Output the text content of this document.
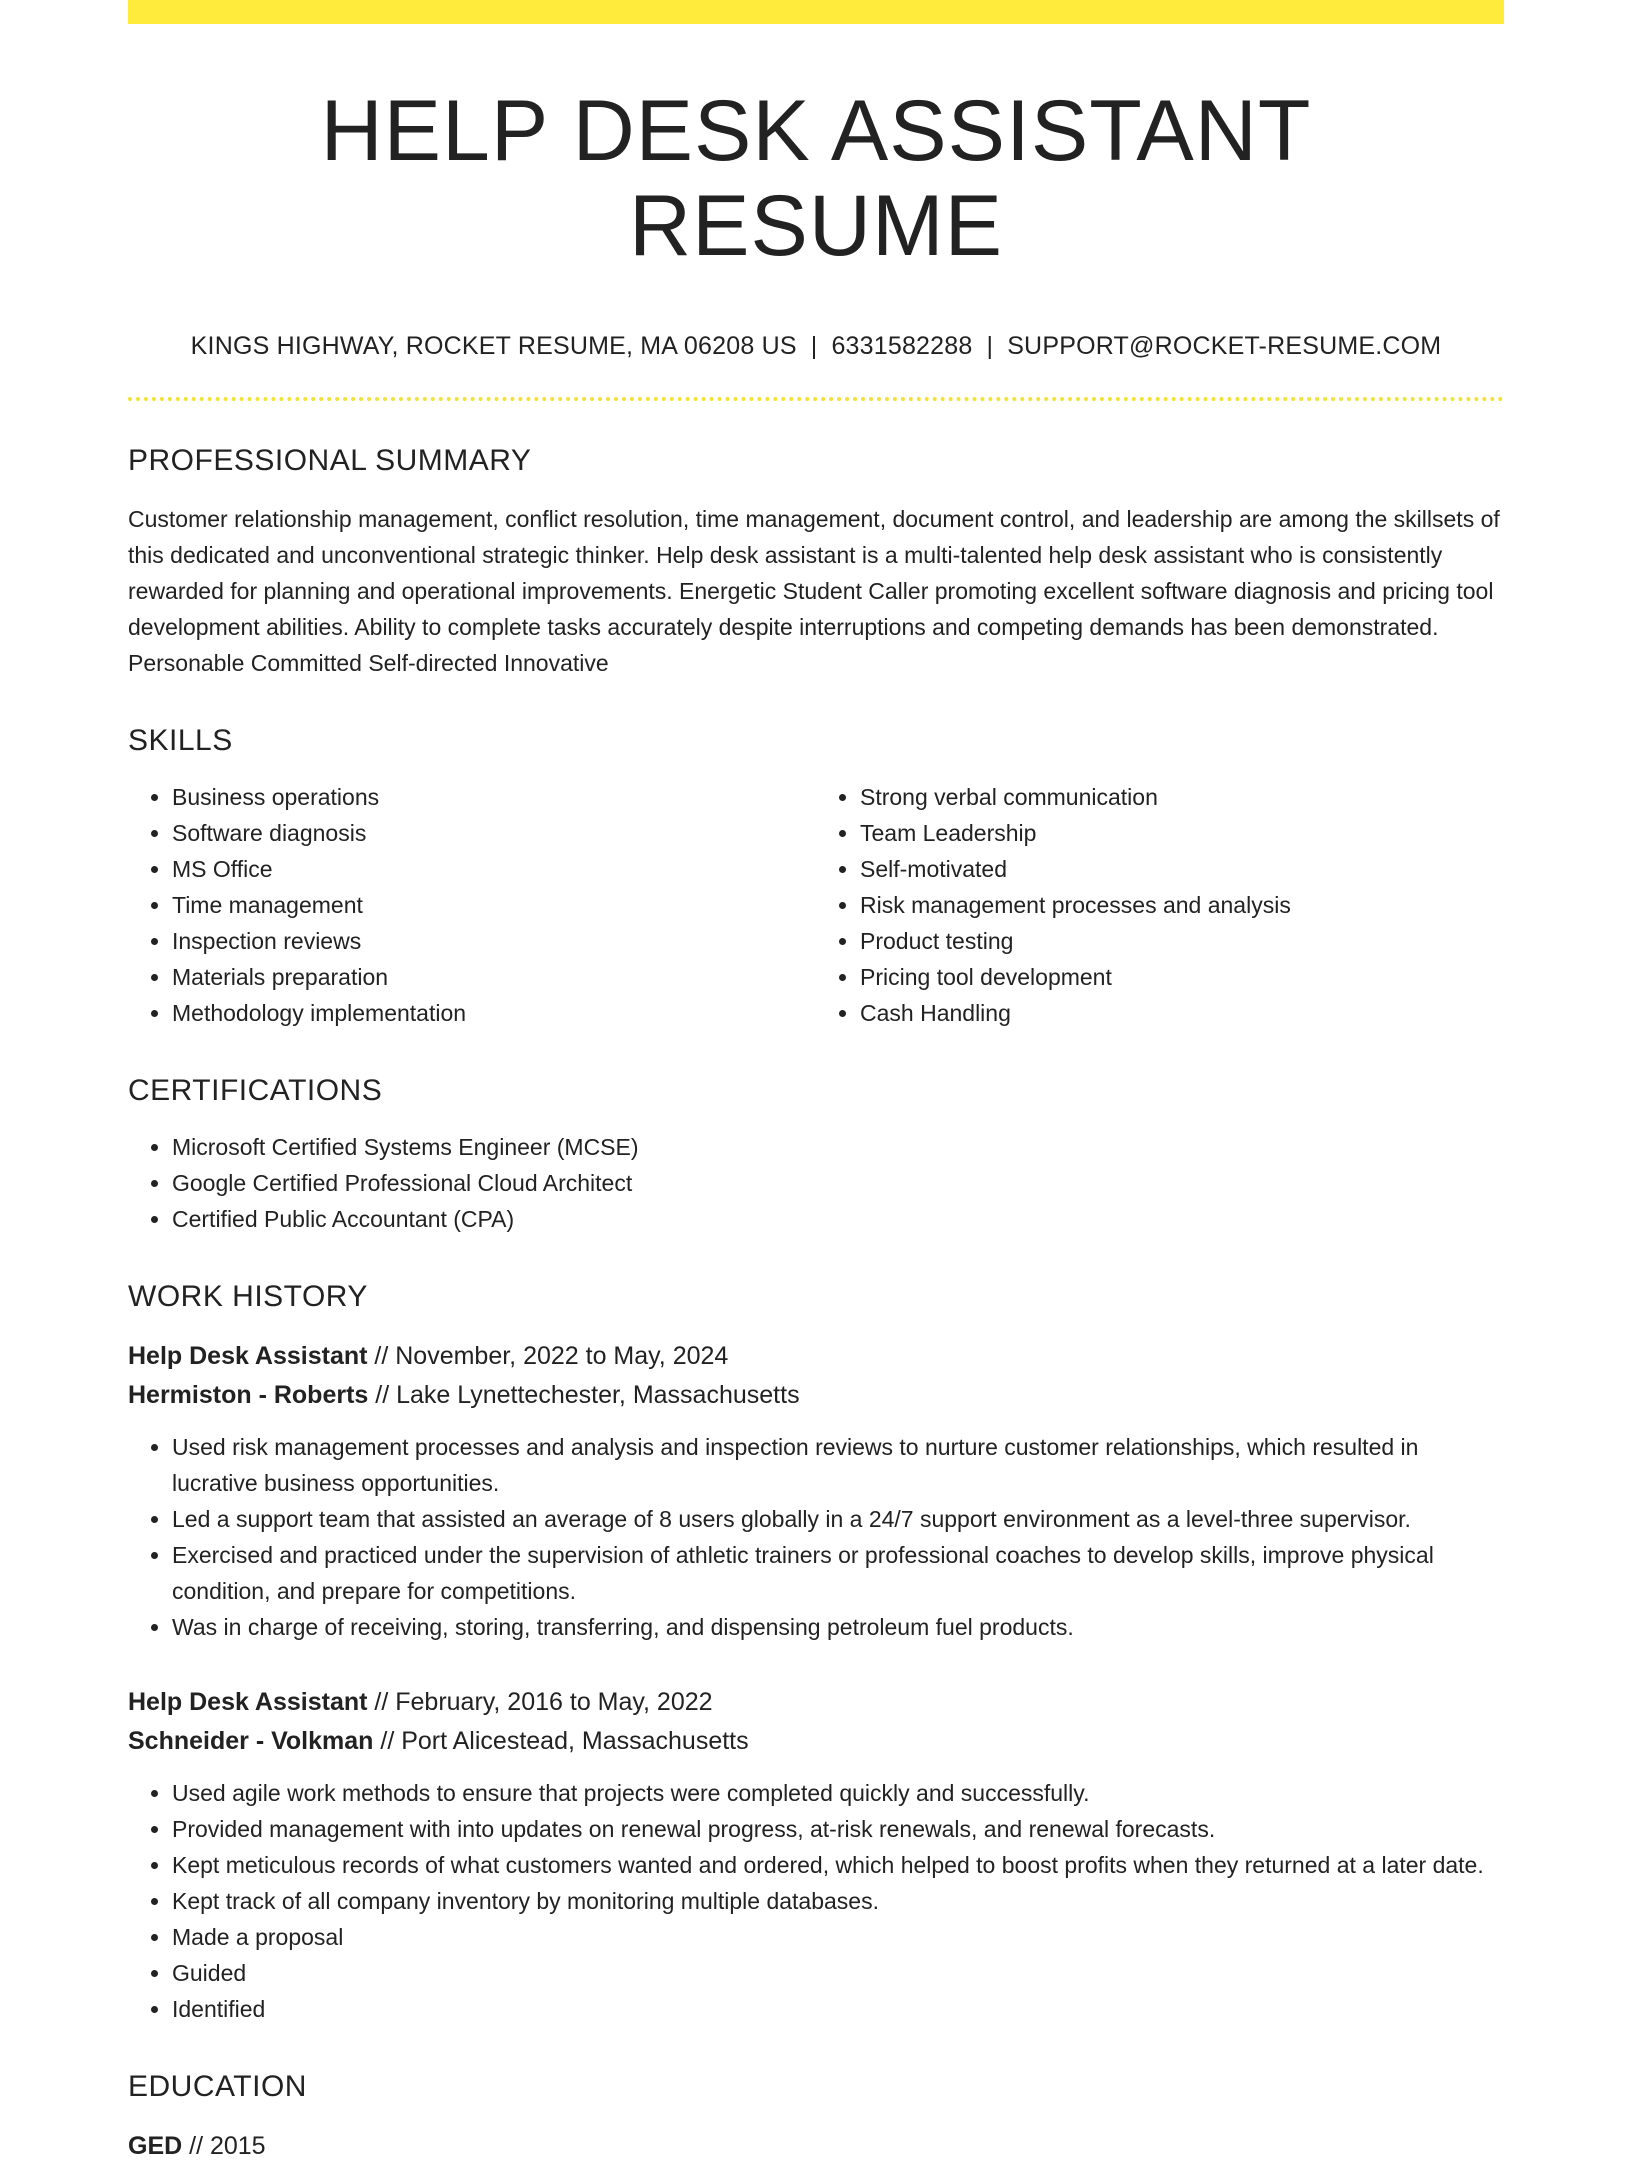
HELP DESK ASSISTANT RESUME
KINGS HIGHWAY, ROCKET RESUME, MA 06208 US | 6331582288 | SUPPORT@ROCKET-RESUME.COM
PROFESSIONAL SUMMARY
Customer relationship management, conflict resolution, time management, document control, and leadership are among the skillsets of this dedicated and unconventional strategic thinker. Help desk assistant is a multi-talented help desk assistant who is consistently rewarded for planning and operational improvements. Energetic Student Caller promoting excellent software diagnosis and pricing tool development abilities. Ability to complete tasks accurately despite interruptions and competing demands has been demonstrated. Personable Committed Self-directed Innovative
SKILLS
• Business operations
• Software diagnosis
• MS Office
• Time management
• Inspection reviews
• Materials preparation
• Methodology implementation
• Strong verbal communication
• Team Leadership
• Self-motivated
• Risk management processes and analysis
• Product testing
• Pricing tool development
• Cash Handling
CERTIFICATIONS
• Microsoft Certified Systems Engineer (MCSE)
• Google Certified Professional Cloud Architect
• Certified Public Accountant (CPA)
WORK HISTORY
Help Desk Assistant // November, 2022 to May, 2024
Hermiston - Roberts // Lake Lynettechester, Massachusetts
• Used risk management processes and analysis and inspection reviews to nurture customer relationships, which resulted in lucrative business opportunities.
• Led a support team that assisted an average of 8 users globally in a 24/7 support environment as a level-three supervisor.
• Exercised and practiced under the supervision of athletic trainers or professional coaches to develop skills, improve physical condition, and prepare for competitions.
• Was in charge of receiving, storing, transferring, and dispensing petroleum fuel products.
Help Desk Assistant // February, 2016 to May, 2022
Schneider - Volkman // Port Alicestead, Massachusetts
• Used agile work methods to ensure that projects were completed quickly and successfully.
• Provided management with into updates on renewal progress, at-risk renewals, and renewal forecasts.
• Kept meticulous records of what customers wanted and ordered, which helped to boost profits when they returned at a later date.
• Kept track of all company inventory by monitoring multiple databases.
• Made a proposal
• Guided
• Identified
EDUCATION
GED // 2015
